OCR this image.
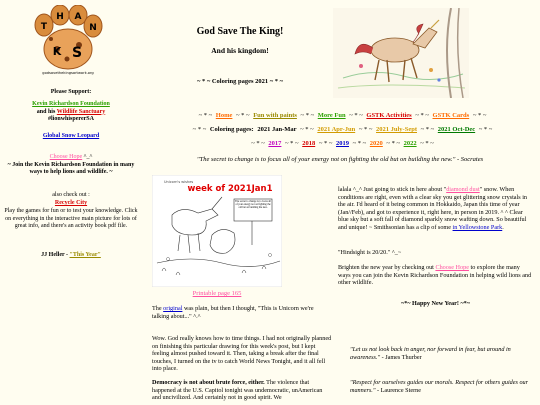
T
H A
N
K S
godsavethekingsartwork.org
Please Support:
Kevin Richardson Foundation
and his Wildlife Sanctuary
#lionwhispererSA
Global Snow Leopard
Choose Hope ^_^
~ Join the Kevin Richardson Foundation in many ways to help lions and wildlife. ~
also check out :
Recycle City
Play the games for fun or to test your knowledge. Click on everything in the interactive main picture for lots of great info, and there's an activity book pdf file.
JJ Heller - "This Year"
God Save The King!
And his kingdom!
~ * ~ Coloring pages 2021 ~ * ~
~ * ~ Home ~ * ~ Fun with paints ~ * ~ More Fun ~ * ~ GSTK Activities ~ * ~ GSTK Cards ~ * ~
~ * ~ Coloring pages: 2021 Jan-Mar ~ * ~ 2021 Apr-Jun ~ * ~ 2021 July-Sept ~ * ~ 2021 Oct-Dec ~ * ~
~ * ~ 2017 ~ * ~ 2018 ~ * ~ 2019 ~ * ~ 2020 ~ * ~ 2022 ~ * ~
"The secret to change is to focus all of your energy not on fighting the old but on building the new." - Socrates
Unicorn's wishes
week of 2021Jan1
The secret to change is to focus all of your energy not on fighting the old but on building the new.
Printable page 165
The original was plain, but then I thought, "This is Unicorn we're talking about..." ^.^
Wow. God really knows how to time things. I had not originally planned on finishing this particular drawing for this week's post, but I kept feeling almost pushed toward it. Then, taking a break after the final touches, I turned on the tv to catch World News Tonight, and it all fell into place.
Democracy is not about brute force, either. The violence that happened at the U.S. Capitol tonight was undemocratic, unAmerican and uncivilized. And certainly not in good spirit. We
lalala ^_^ Just going to stick in here about "diamond dust" snow. When conditions are right, even with a clear sky you get glittering snow crystals in the air. I'd heard of it being common in Hokkaido, Japan this time of year (Jan//Feb), and got to experience it, right here, in person in 2019. ^ ^ Clear blue sky but a soft fall of diamond sparkly snow wafting down. So beautiful and unique! ~ Smithsonian has a clip of some in Yellowstone Park.
"Hindsight is 20/20." ^_~
Brighten the new year by checking out Choose Hope to explore the many ways you can join the Kevin Richardson Foundation in helping wild lions and other wildlife.
~*~ Happy New Year! ~*~
"Let us not look back in anger, nor forward in fear, but around in awareness." - James Thurber
"Respect for ourselves guides our morals. Respect for others guides our manners." - Laurence Sterne
